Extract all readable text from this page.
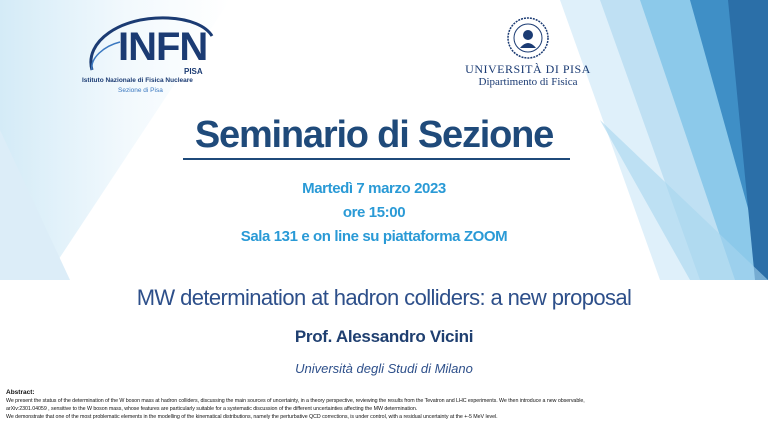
INFN
PISA
Istituto Nazionale di Fisica Nucleare
Sezione di Pisa
UNIVERSITÀ DI PISA
Dipartimento di Fisica
Seminario di Sezione
Martedì 7 marzo 2023
ore 15:00
Sala 131 e on line su piattaforma ZOOM
MW determination at hadron colliders: a new proposal
Prof. Alessandro Vicini
Università degli Studi di Milano
Abstract:
We present the status of the determination of the W boson mass at hadron colliders, discussing the main sources of uncertainty, in a theory perspective, reviewing the results from the Tevatron and LHC experiments. We then introduce a new observable,
arXiv:2301.04059 , sensitive to the W boson mass, whose features are particularly suitable for a systematic discussion of the different uncertainties affecting the MW determination.
We demonstrate that one of the most problematic elements in the modelling of the kinematical distributions, namely the perturbative QCD corrections, is under control, with a residual uncertainty at the +-5 MeV level.
